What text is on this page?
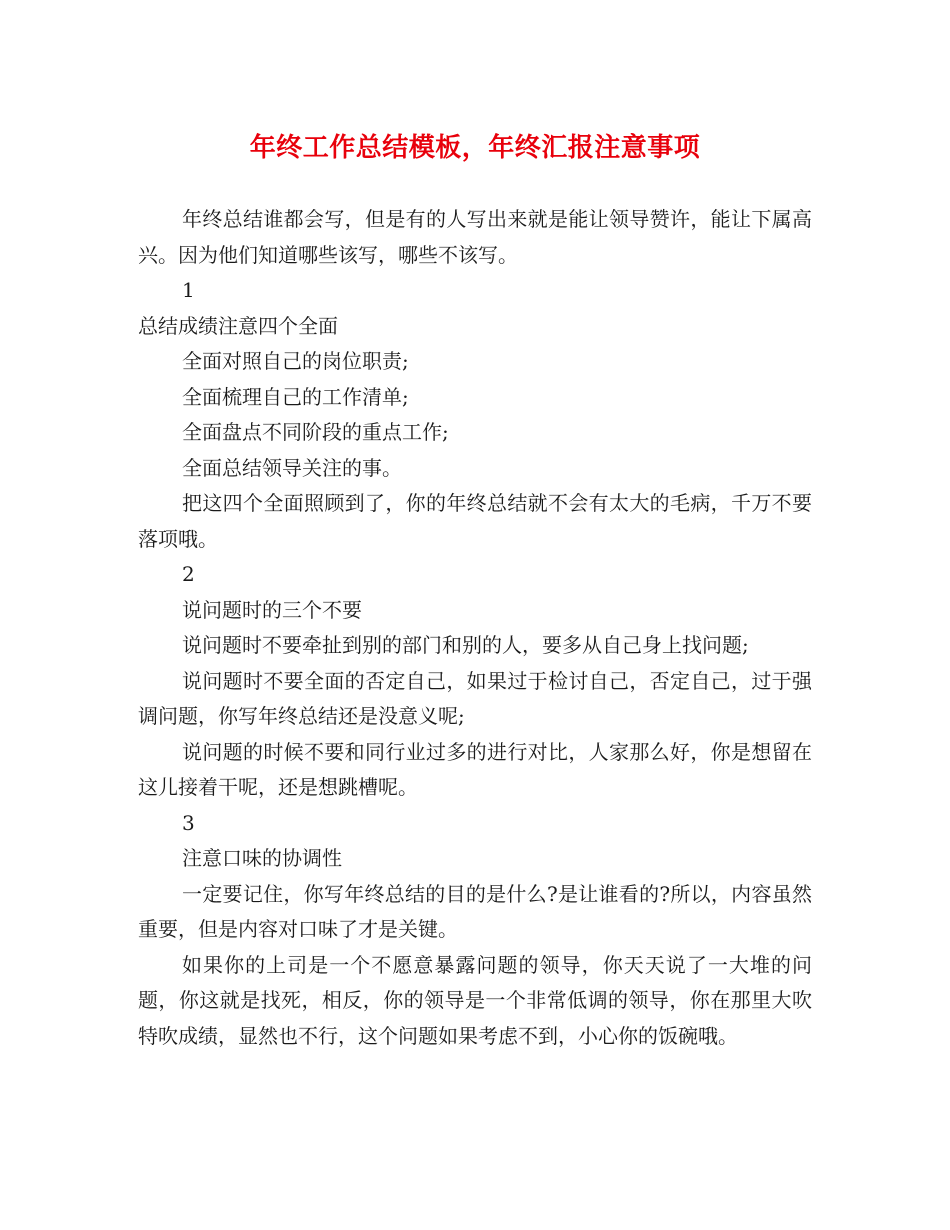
年终工作总结模板，年终汇报注意事项

年终总结谁都会写，但是有的人写出来就是能让领导赞许，能让下属高兴。因为他们知道哪些该写，哪些不该写。

1

总结成绩注意四个全面

全面对照自己的岗位职责;

全面梳理自己的工作清单;

全面盘点不同阶段的重点工作;

全面总结领导关注的事。

把这四个全面照顾到了，你的年终总结就不会有太大的毛病，千万不要落项哦。

2

说问题时的三个不要

说问题时不要牵扯到别的部门和别的人，要多从自己身上找问题;

说问题时不要全面的否定自己，如果过于检讨自己，否定自己，过于强调问题，你写年终总结还是没意义呢;

说问题的时候不要和同行业过多的进行对比，人家那么好，你是想留在这儿接着干呢，还是想跳槽呢。

3

注意口味的协调性

一定要记住，你写年终总结的目的是什么?是让谁看的?所以，内容虽然重要，但是内容对口味了才是关键。

如果你的上司是一个不愿意暴露问题的领导，你天天说了一大堆的问题，你这就是找死，相反，你的领导是一个非常低调的领导，你在那里大吹特吹成绩，显然也不行，这个问题如果考虑不到，小心你的饭碗哦。
